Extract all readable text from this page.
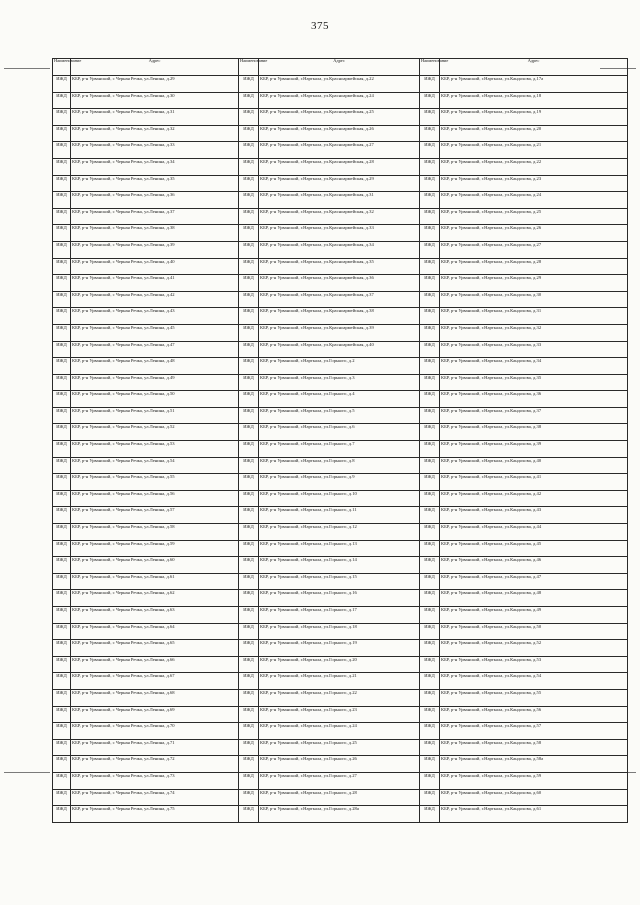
375
Наименование	Адрес	Наименование	Адрес	Наименование	Адрес
ИЖД	КБР, р-н Урванский, с Черная Речка, ул.Ленина, д.29	ИЖД	КБР, р-н Урванский, г.Нарткала, ул.Красноармейская, д.22	ИЖД	КБР, р-н Урванский, г.Нарткала, ул.Кандохова, д.17а
ИЖД	КБР, р-н Урванский, с Черная Речка, ул.Ленина, д.30	ИЖД	КБР, р-н Урванский, г.Нарткала, ул.Красноармейская, д.24	ИЖД	КБР, р-н Урванский, г.Нарткала, ул.Кандохова, д.18
ИЖД	КБР, р-н Урванский, с Черная Речка, ул.Ленина, д.31	ИЖД	КБР, р-н Урванский, г.Нарткала, ул.Красноармейская, д.25	ИЖД	КБР, р-н Урванский, г.Нарткала, ул.Кандохова, д.19
ИЖД	КБР, р-н Урванский, с Черная Речка, ул.Ленина, д.32	ИЖД	КБР, р-н Урванский, г.Нарткала, ул.Красноармейская, д.26	ИЖД	КБР, р-н Урванский, г.Нарткала, ул.Кандохова, д.20
ИЖД	КБР, р-н Урванский, с Черная Речка, ул.Ленина, д.33	ИЖД	КБР, р-н Урванский, г.Нарткала, ул.Красноармейская, д.27	ИЖД	КБР, р-н Урванский, г.Нарткала, ул.Кандохова, д.21
ИЖД	КБР, р-н Урванский, с Черная Речка, ул.Ленина, д.34	ИЖД	КБР, р-н Урванский, г.Нарткала, ул.Красноармейская, д.28	ИЖД	КБР, р-н Урванский, г.Нарткала, ул.Кандохова, д.22
ИЖД	КБР, р-н Урванский, с Черная Речка, ул.Ленина, д.35	ИЖД	КБР, р-н Урванский, г.Нарткала, ул.Красноармейская, д.29	ИЖД	КБР, р-н Урванский, г.Нарткала, ул.Кандохова, д.23
ИЖД	КБР, р-н Урванский, с Черная Речка, ул.Ленина, д.36	ИЖД	КБР, р-н Урванский, г.Нарткала, ул.Красноармейская, д.31	ИЖД	КБР, р-н Урванский, г.Нарткала, ул.Кандохова, д.24
ИЖД	КБР, р-н Урванский, с Черная Речка, ул.Ленина, д.37	ИЖД	КБР, р-н Урванский, г.Нарткала, ул.Красноармейская, д.32	ИЖД	КБР, р-н Урванский, г.Нарткала, ул.Кандохова, д.25
ИЖД	КБР, р-н Урванский, с Черная Речка, ул.Ленина, д.38	ИЖД	КБР, р-н Урванский, г.Нарткала, ул.Красноармейская, д.33	ИЖД	КБР, р-н Урванский, г.Нарткала, ул.Кандохова, д.26
ИЖД	КБР, р-н Урванский, с Черная Речка, ул.Ленина, д.39	ИЖД	КБР, р-н Урванский, г.Нарткала, ул.Красноармейская, д.34	ИЖД	КБР, р-н Урванский, г.Нарткала, ул.Кандохова, д.27
ИЖД	КБР, р-н Урванский, с Черная Речка, ул.Ленина, д.40	ИЖД	КБР, р-н Урванский, г.Нарткала, ул.Красноармейская, д.35	ИЖД	КБР, р-н Урванский, г.Нарткала, ул.Кандохова, д.28
ИЖД	КБР, р-н Урванский, с Черная Речка, ул.Ленина, д.41	ИЖД	КБР, р-н Урванский, г.Нарткала, ул.Красноармейская, д.36	ИЖД	КБР, р-н Урванский, г.Нарткала, ул.Кандохова, д.29
ИЖД	КБР, р-н Урванский, с Черная Речка, ул.Ленина, д.42	ИЖД	КБР, р-н Урванский, г.Нарткала, ул.Красноармейская, д.37	ИЖД	КБР, р-н Урванский, г.Нарткала, ул.Кандохова, д.30
ИЖД	КБР, р-н Урванский, с Черная Речка, ул.Ленина, д.43	ИЖД	КБР, р-н Урванский, г.Нарткала, ул.Красноармейская, д.38	ИЖД	КБР, р-н Урванский, г.Нарткала, ул.Кандохова, д.31
ИЖД	КБР, р-н Урванский, с Черная Речка, ул.Ленина, д.45	ИЖД	КБР, р-н Урванский, г.Нарткала, ул.Красноармейская, д.39	ИЖД	КБР, р-н Урванский, г.Нарткала, ул.Кандохова, д.32
ИЖД	КБР, р-н Урванский, с Черная Речка, ул.Ленина, д.47	ИЖД	КБР, р-н Урванский, г.Нарткала, ул.Красноармейская, д.40	ИЖД	КБР, р-н Урванский, г.Нарткала, ул.Кандохова, д.33
ИЖД	КБР, р-н Урванский, с Черная Речка, ул.Ленина, д.48	ИЖД	КБР, р-н Урванский, г.Нарткала, ул.Горького, д.2	ИЖД	КБР, р-н Урванский, г.Нарткала, ул.Кандохова, д.34
ИЖД	КБР, р-н Урванский, с Черная Речка, ул.Ленина, д.49	ИЖД	КБР, р-н Урванский, г.Нарткала, ул.Горького, д.3	ИЖД	КБР, р-н Урванский, г.Нарткала, ул.Кандохова, д.35
ИЖД	КБР, р-н Урванский, с Черная Речка, ул.Ленина, д.50	ИЖД	КБР, р-н Урванский, г.Нарткала, ул.Горького, д.4	ИЖД	КБР, р-н Урванский, г.Нарткала, ул.Кандохова, д.36
ИЖД	КБР, р-н Урванский, с Черная Речка, ул.Ленина, д.51	ИЖД	КБР, р-н Урванский, г.Нарткала, ул.Горького, д.5	ИЖД	КБР, р-н Урванский, г.Нарткала, ул.Кандохова, д.37
ИЖД	КБР, р-н Урванский, с Черная Речка, ул.Ленина, д.52	ИЖД	КБР, р-н Урванский, г.Нарткала, ул.Горького, д.6	ИЖД	КБР, р-н Урванский, г.Нарткала, ул.Кандохова, д.38
ИЖД	КБР, р-н Урванский, с Черная Речка, ул.Ленина, д.53	ИЖД	КБР, р-н Урванский, г.Нарткала, ул.Горького, д.7	ИЖД	КБР, р-н Урванский, г.Нарткала, ул.Кандохова, д.39
ИЖД	КБР, р-н Урванский, с Черная Речка, ул.Ленина, д.54	ИЖД	КБР, р-н Урванский, г.Нарткала, ул.Горького, д.8	ИЖД	КБР, р-н Урванский, г.Нарткала, ул.Кандохова, д.40
ИЖД	КБР, р-н Урванский, с Черная Речка, ул.Ленина, д.55	ИЖД	КБР, р-н Урванский, г.Нарткала, ул.Горького, д.9	ИЖД	КБР, р-н Урванский, г.Нарткала, ул.Кандохова, д.41
ИЖД	КБР, р-н Урванский, с Черная Речка, ул.Ленина, д.56	ИЖД	КБР, р-н Урванский, г.Нарткала, ул.Горького, д.10	ИЖД	КБР, р-н Урванский, г.Нарткала, ул.Кандохова, д.42
ИЖД	КБР, р-н Урванский, с Черная Речка, ул.Ленина, д.57	ИЖД	КБР, р-н Урванский, г.Нарткала, ул.Горького, д.11	ИЖД	КБР, р-н Урванский, г.Нарткала, ул.Кандохова, д.43
ИЖД	КБР, р-н Урванский, с Черная Речка, ул.Ленина, д.58	ИЖД	КБР, р-н Урванский, г.Нарткала, ул.Горького, д.12	ИЖД	КБР, р-н Урванский, г.Нарткала, ул.Кандохова, д.44
ИЖД	КБР, р-н Урванский, с Черная Речка, ул.Ленина, д.59	ИЖД	КБР, р-н Урванский, г.Нарткала, ул.Горького, д.13	ИЖД	КБР, р-н Урванский, г.Нарткала, ул.Кандохова, д.45
ИЖД	КБР, р-н Урванский, с Черная Речка, ул.Ленина, д.60	ИЖД	КБР, р-н Урванский, г.Нарткала, ул.Горького, д.14	ИЖД	КБР, р-н Урванский, г.Нарткала, ул.Кандохова, д.46
ИЖД	КБР, р-н Урванский, с Черная Речка, ул.Ленина, д.61	ИЖД	КБР, р-н Урванский, г.Нарткала, ул.Горького, д.15	ИЖД	КБР, р-н Урванский, г.Нарткала, ул.Кандохова, д.47
ИЖД	КБР, р-н Урванский, с Черная Речка, ул.Ленина, д.62	ИЖД	КБР, р-н Урванский, г.Нарткала, ул.Горького, д.16	ИЖД	КБР, р-н Урванский, г.Нарткала, ул.Кандохова, д.48
ИЖД	КБР, р-н Урванский, с Черная Речка, ул.Ленина, д.63	ИЖД	КБР, р-н Урванский, г.Нарткала, ул.Горького, д.17	ИЖД	КБР, р-н Урванский, г.Нарткала, ул.Кандохова, д.49
ИЖД	КБР, р-н Урванский, с Черная Речка, ул.Ленина, д.64	ИЖД	КБР, р-н Урванский, г.Нарткала, ул.Горького, д.18	ИЖД	КБР, р-н Урванский, г.Нарткала, ул.Кандохова, д.50
ИЖД	КБР, р-н Урванский, с Черная Речка, ул.Ленина, д.65	ИЖД	КБР, р-н Урванский, г.Нарткала, ул.Горького, д.19	ИЖД	КБР, р-н Урванский, г.Нарткала, ул.Кандохова, д.52
ИЖД	КБР, р-н Урванский, с Черная Речка, ул.Ленина, д.66	ИЖД	КБР, р-н Урванский, г.Нарткала, ул.Горького, д.20	ИЖД	КБР, р-н Урванский, г.Нарткала, ул.Кандохова, д.53
ИЖД	КБР, р-н Урванский, с Черная Речка, ул.Ленина, д.67	ИЖД	КБР, р-н Урванский, г.Нарткала, ул.Горького, д.21	ИЖД	КБР, р-н Урванский, г.Нарткала, ул.Кандохова, д.54
ИЖД	КБР, р-н Урванский, с Черная Речка, ул.Ленина, д.68	ИЖД	КБР, р-н Урванский, г.Нарткала, ул.Горького, д.22	ИЖД	КБР, р-н Урванский, г.Нарткала, ул.Кандохова, д.55
ИЖД	КБР, р-н Урванский, с Черная Речка, ул.Ленина, д.69	ИЖД	КБР, р-н Урванский, г.Нарткала, ул.Горького, д.23	ИЖД	КБР, р-н Урванский, г.Нарткала, ул.Кандохова, д.56
ИЖД	КБР, р-н Урванский, с Черная Речка, ул.Ленина, д.70	ИЖД	КБР, р-н Урванский, г.Нарткала, ул.Горького, д.24	ИЖД	КБР, р-н Урванский, г.Нарткала, ул.Кандохова, д.57
ИЖД	КБР, р-н Урванский, с Черная Речка, ул.Ленина, д.71	ИЖД	КБР, р-н Урванский, г.Нарткала, ул.Горького, д.25	ИЖД	КБР, р-н Урванский, г.Нарткала, ул.Кандохова, д.58
ИЖД	КБР, р-н Урванский, с Черная Речка, ул.Ленина, д.72	ИЖД	КБР, р-н Урванский, г.Нарткала, ул.Горького, д.26	ИЖД	КБР, р-н Урванский, г.Нарткала, ул.Кандохова, д.58а
ИЖД	КБР, р-н Урванский, с Черная Речка, ул.Ленина, д.73	ИЖД	КБР, р-н Урванский, г.Нарткала, ул.Горького, д.27	ИЖД	КБР, р-н Урванский, г.Нарткала, ул.Кандохова, д.59
ИЖД	КБР, р-н Урванский, с Черная Речка, ул.Ленина, д.74	ИЖД	КБР, р-н Урванский, г.Нарткала, ул.Горького, д.28	ИЖД	КБР, р-н Урванский, г.Нарткала, ул.Кандохова, д.60
ИЖД	КБР, р-н Урванский, с Черная Речка, ул.Ленина, д.75	ИЖД	КБР, р-н Урванский, г.Нарткала, ул.Горького, д.28а	ИЖД	КБР, р-н Урванский, г.Нарткала, ул.Кандохова, д.61
